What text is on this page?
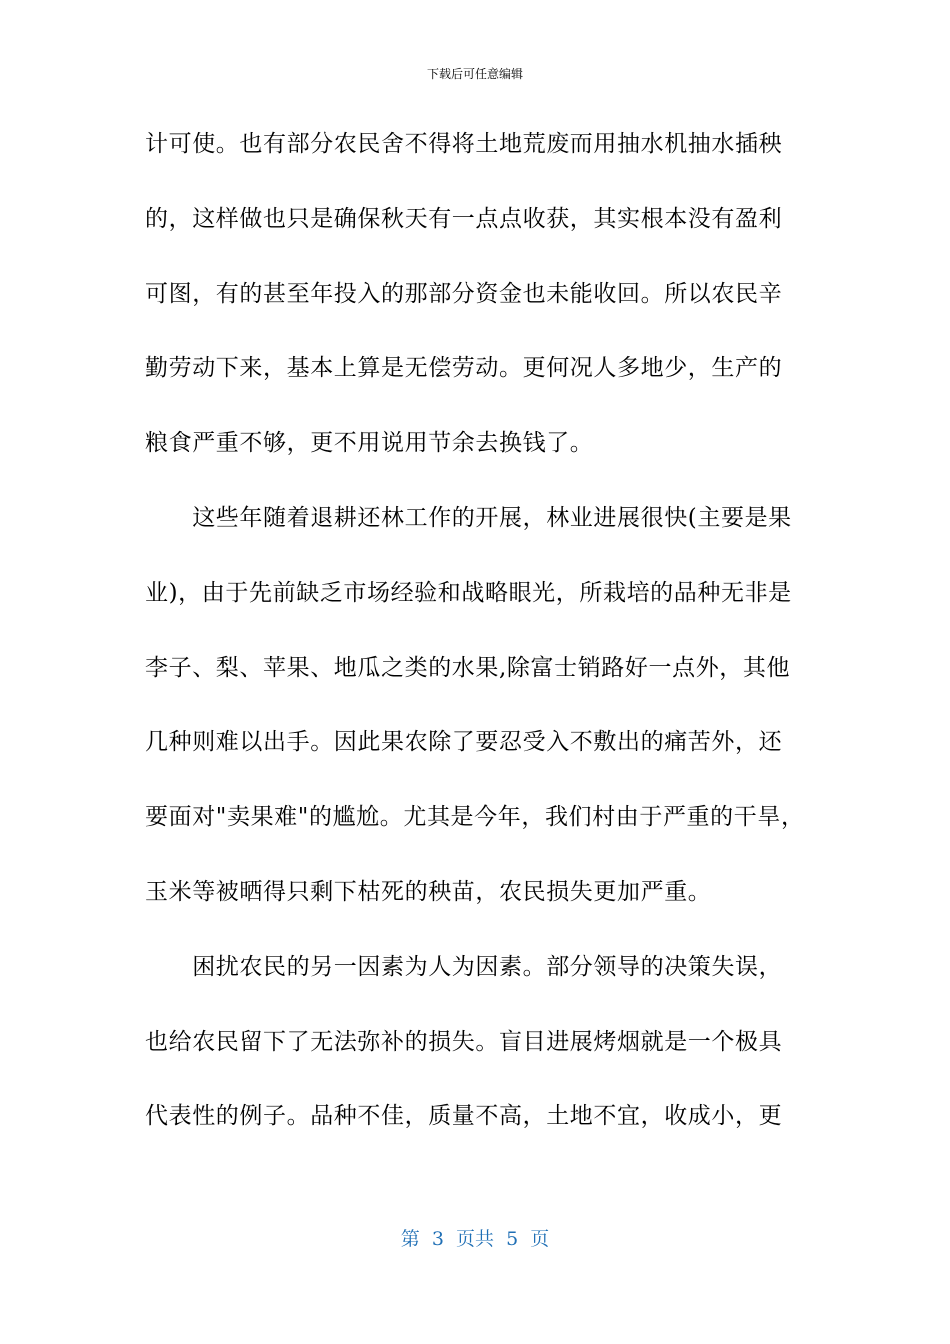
下载后可任意编辑
计可使。也有部分农民舍不得将土地荒废而用抽水机抽水插秧
的，这样做也只是确保秋天有一点点收获，其实根本没有盈利
可图，有的甚至年投入的那部分资金也未能收回。所以农民辛
勤劳动下来，基本上算是无偿劳动。更何况人多地少，生产的
粮食严重不够，更不用说用节余去换钱了。
　　这些年随着退耕还林工作的开展，林业进展很快(主要是果
业)，由于先前缺乏市场经验和战略眼光，所栽培的品种无非是
李子、梨、苹果、地瓜之类的水果,除富士销路好一点外，其他
几种则难以出手。因此果农除了要忍受入不敷出的痛苦外，还
要面对"卖果难"的尴尬。尤其是今年，我们村由于严重的干旱，
玉米等被晒得只剩下枯死的秧苗，农民损失更加严重。
　　困扰农民的另一因素为人为因素。部分领导的决策失误，
也给农民留下了无法弥补的损失。盲目进展烤烟就是一个极具
代表性的例子。品种不佳，质量不高，土地不宜，收成小，更
第  3  页共  5  页
